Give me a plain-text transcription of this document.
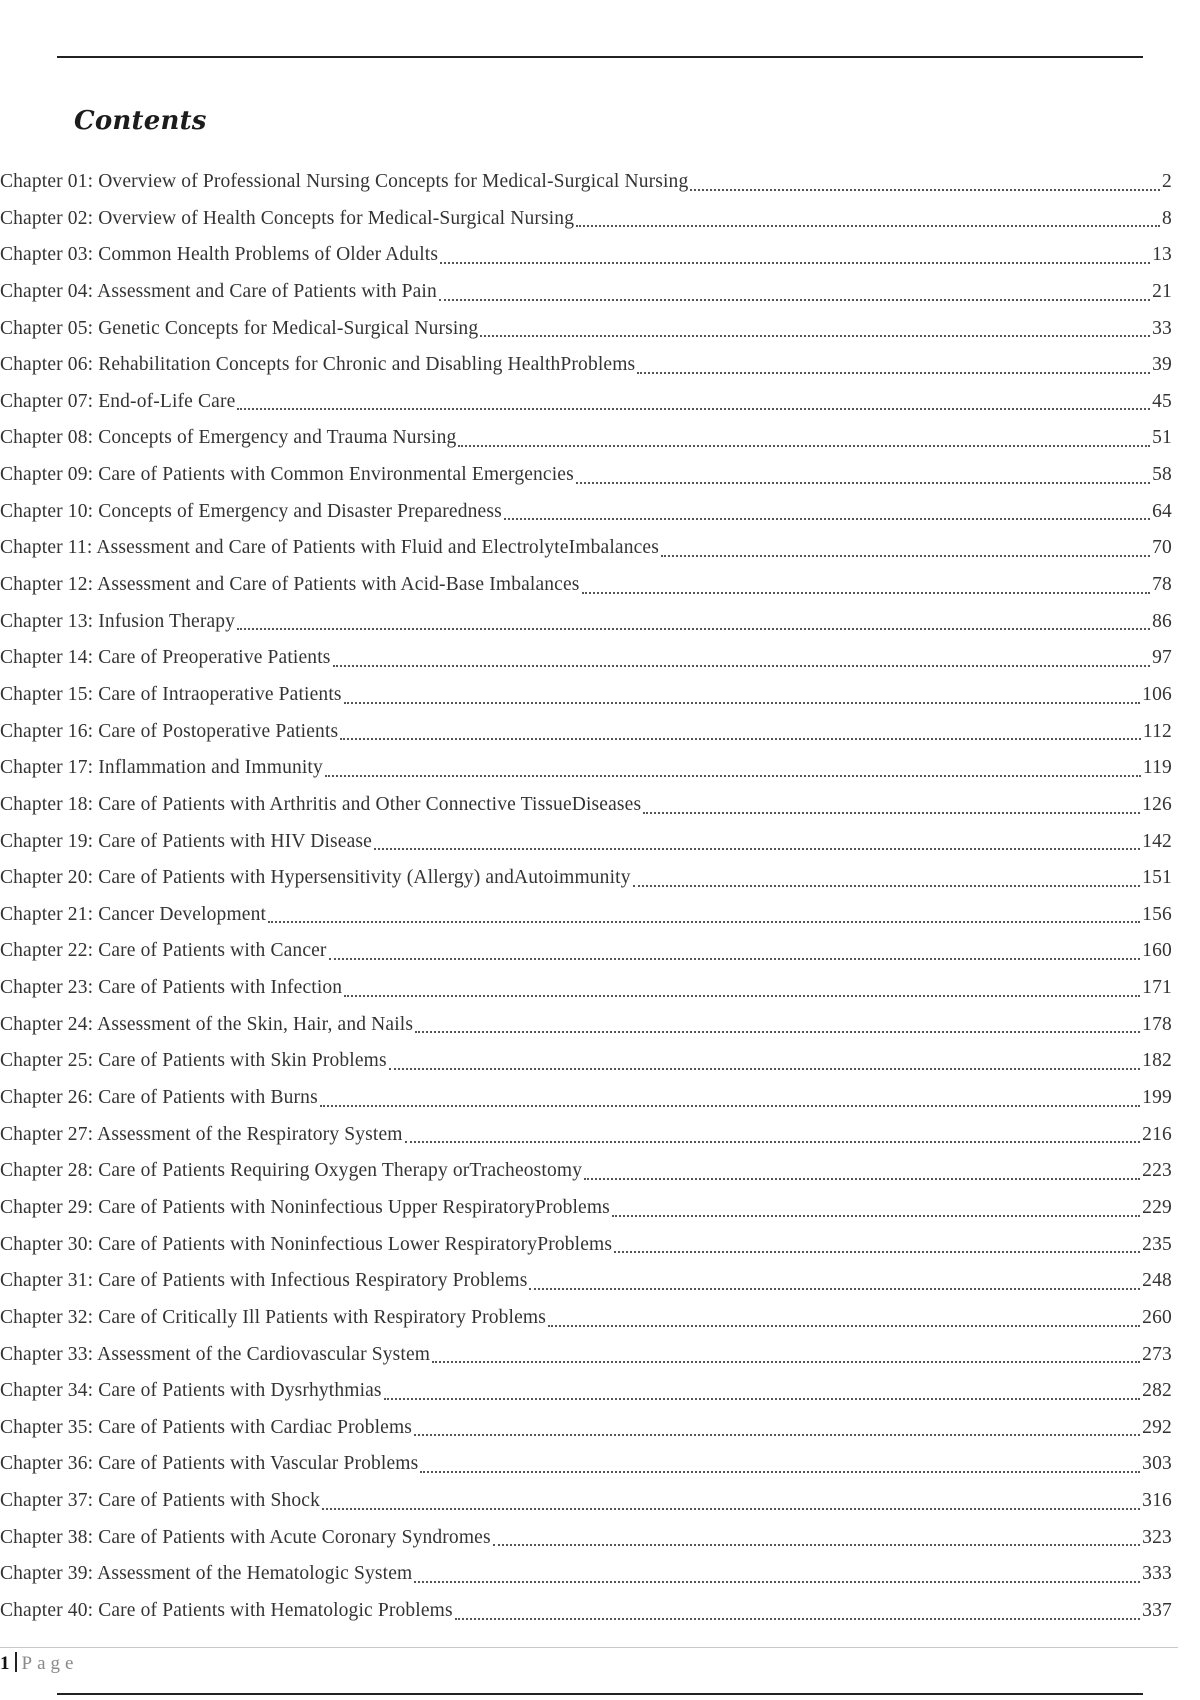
Contents
Chapter 01: Overview of Professional Nursing Concepts for Medical-Surgical Nursing	2
Chapter 02: Overview of Health Concepts for Medical-Surgical Nursing	8
Chapter 03: Common Health Problems of Older Adults	13
Chapter 04: Assessment and Care of Patients with Pain	21
Chapter 05: Genetic Concepts for Medical-Surgical Nursing	33
Chapter 06: Rehabilitation Concepts for Chronic and Disabling HealthProblems	39
Chapter 07: End-of-Life Care	45
Chapter 08: Concepts of Emergency and Trauma Nursing	51
Chapter 09: Care of Patients with Common Environmental Emergencies	58
Chapter 10: Concepts of Emergency and Disaster Preparedness	64
Chapter 11: Assessment and Care of Patients with Fluid and ElectrolyteImbalances	70
Chapter 12: Assessment and Care of Patients with Acid-Base Imbalances	78
Chapter 13: Infusion Therapy	86
Chapter 14: Care of Preoperative Patients	97
Chapter 15: Care of Intraoperative Patients	106
Chapter 16: Care of Postoperative Patients	112
Chapter 17: Inflammation and Immunity	119
Chapter 18: Care of Patients with Arthritis and Other Connective TissueDiseases	126
Chapter 19: Care of Patients with HIV Disease	142
Chapter 20: Care of Patients with Hypersensitivity (Allergy) andAutoimmunity	151
Chapter 21: Cancer Development	156
Chapter 22: Care of Patients with Cancer	160
Chapter 23: Care of Patients with Infection	171
Chapter 24: Assessment of the Skin, Hair, and Nails	178
Chapter 25: Care of Patients with Skin Problems	182
Chapter 26: Care of Patients with Burns	199
Chapter 27: Assessment of the Respiratory System	216
Chapter 28: Care of Patients Requiring Oxygen Therapy orTracheostomy	223
Chapter 29: Care of Patients with Noninfectious Upper RespiratoryProblems	229
Chapter 30: Care of Patients with Noninfectious Lower RespiratoryProblems	235
Chapter 31: Care of Patients with Infectious Respiratory Problems	248
Chapter 32: Care of Critically Ill Patients with Respiratory Problems	260
Chapter 33: Assessment of the Cardiovascular System	273
Chapter 34: Care of Patients with Dysrhythmias	282
Chapter 35: Care of Patients with Cardiac Problems	292
Chapter 36: Care of Patients with Vascular Problems	303
Chapter 37: Care of Patients with Shock	316
Chapter 38: Care of Patients with Acute Coronary Syndromes	323
Chapter 39: Assessment of the Hematologic System	333
Chapter 40: Care of Patients with Hematologic Problems	337
1 Page
